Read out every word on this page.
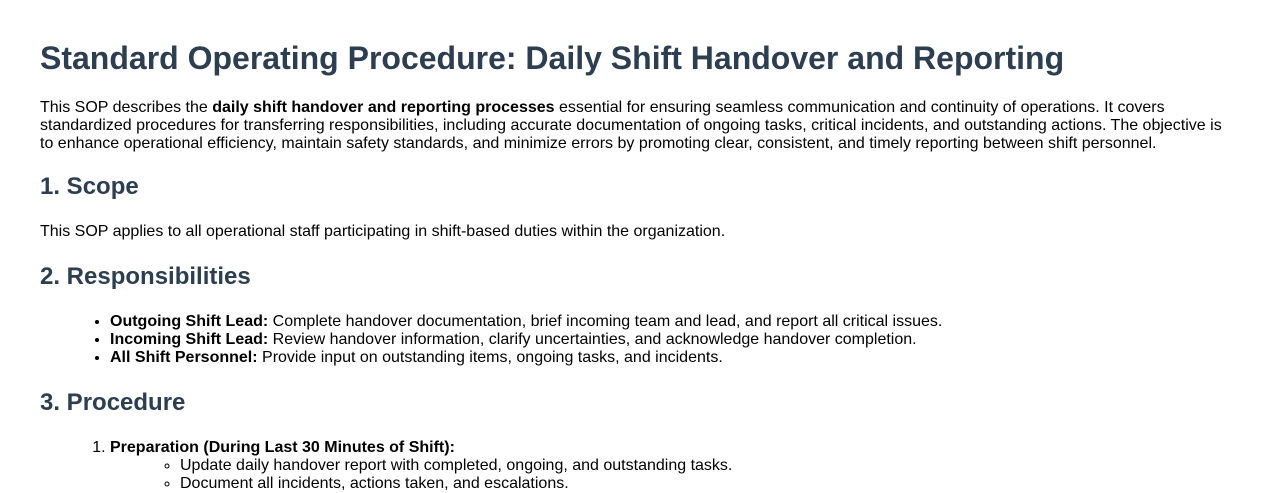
Standard Operating Procedure: Daily Shift Handover and Reporting

This SOP describes the daily shift handover and reporting processes essential for ensuring seamless communication and continuity of operations. It covers standardized procedures for transferring responsibilities, including accurate documentation of ongoing tasks, critical incidents, and outstanding actions. The objective is to enhance operational efficiency, maintain safety standards, and minimize errors by promoting clear, consistent, and timely reporting between shift personnel.

1. Scope

This SOP applies to all operational staff participating in shift-based duties within the organization.

2. Responsibilities
• Outgoing Shift Lead: Complete handover documentation, brief incoming team and lead, and report all critical issues.
• Incoming Shift Lead: Review handover information, clarify uncertainties, and acknowledge handover completion.
• All Shift Personnel: Provide input on outstanding items, ongoing tasks, and incidents.
3. Procedure
1. Preparation (During Last 30 Minutes of Shift):
◦ Update daily handover report with completed, ongoing, and outstanding tasks.
◦ Document all incidents, actions taken, and escalations.
